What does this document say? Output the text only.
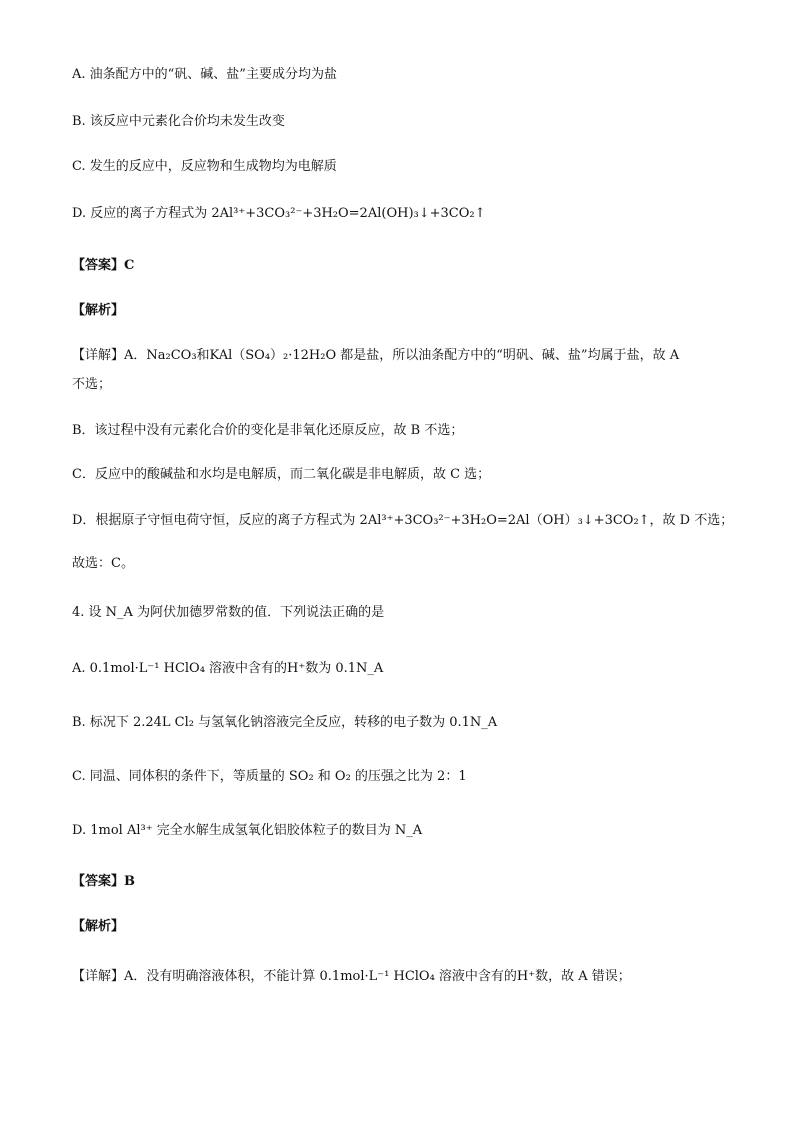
A. 油条配方中的“矾、碱、盐”主要成分均为盐
B. 该反应中元素化合价均未发生改变
C. 发生的反应中，反应物和生成物均为电解质
D. 反应的离子方程式为 2Al³⁺+3CO₃²⁻+3H₂O=2Al(OH)₃↓+3CO₂↑
【答案】C
【解析】
【详解】A．Na₂CO₃和KAl（SO₄）₂·12H₂O 都是盐，所以油条配方中的“明矾、碱、盐”均属于盐，故 A
不选；
B．该过程中没有元素化合价的变化是非氧化还原反应，故 B 不选；
C．反应中的酸碱盐和水均是电解质，而二氧化碳是非电解质，故 C 选；
D．根据原子守恒电荷守恒，反应的离子方程式为 2Al³⁺+3CO₃²⁻+3H₂O=2Al（OH）₃↓+3CO₂↑，故 D 不选；
故选：C。
4. 设 N_A 为阿伏加德罗常数的值．下列说法正确的是
A. 0.1mol·L⁻¹ HClO₄ 溶液中含有的H⁺数为 0.1N_A
B. 标况下 2.24L Cl₂ 与氢氧化钠溶液完全反应，转移的电子数为 0.1N_A
C. 同温、同体积的条件下，等质量的 SO₂ 和 O₂ 的压强之比为 2：1
D. 1mol Al³⁺ 完全水解生成氢氧化铝胶体粒子的数目为 N_A
【答案】B
【解析】
【详解】A．没有明确溶液体积，不能计算 0.1mol·L⁻¹ HClO₄ 溶液中含有的H⁺数，故 A 错误；
